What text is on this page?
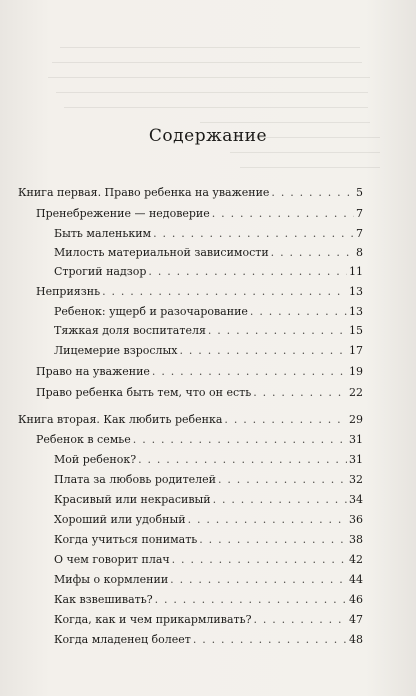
Содержание
Книга первая. Право ребенка на уважение . . .	5
Пренебрежение — недоверие . . .	7
Быть маленьким . . .	7
Милость материальной зависимости . . .	8
Строгий надзор . . .	11
Неприязнь . . .	13
Ребенок: ущерб и разочарование . . .	13
Тяжкая доля воспитателя . . .	15
Лицемерие взрослых . . .	17
Право на уважение . . .	19
Право ребенка быть тем, что он есть . . .	22
Книга вторая. Как любить ребенка . . .	29
Ребенок в семье . . .	31
Мой ребенок? . . .	31
Плата за любовь родителей . . .	32
Красивый или некрасивый . . .	34
Хороший или удобный . . .	36
Когда учиться понимать . . .	38
О чем говорит плач . . .	42
Мифы о кормлении . . .	44
Как взвешивать? . . .	46
Когда, как и чем прикармливать? . . .	47
Когда младенец болеет . . .	48
